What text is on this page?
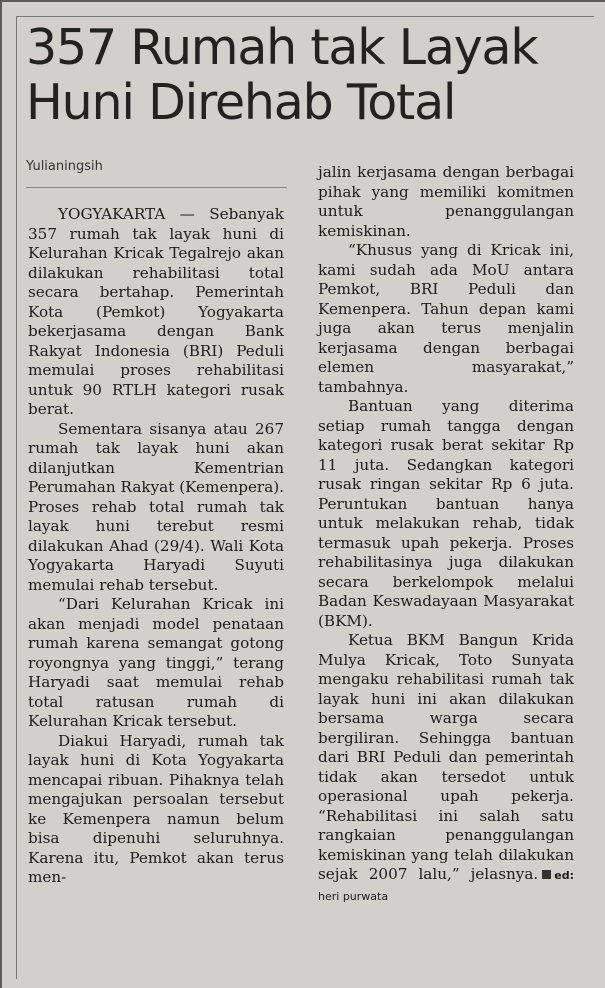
357 Rumah tak Layak
Huni Direhab Total

Yulianingsih

YOGYAKARTA — Sebanyak 357 rumah tak layak huni di Kelurahan Kricak Tegalrejo akan dilakukan rehabilitasi total secara bertahap. Pemerintah Kota (Pemkot) Yogyakarta bekerjasama dengan Bank Rakyat Indonesia (BRI) Peduli memulai proses rehabilitasi untuk 90 RTLH kategori rusak berat.

Sementara sisanya atau 267 rumah tak layak huni akan dilanjutkan Kementrian Perumahan Rakyat (Kemenpera). Proses rehab total rumah tak layak huni terebut resmi dilakukan Ahad (29/4). Wali Kota Yogyakarta Haryadi Suyuti memulai rehab tersebut.

“Dari Kelurahan Kricak ini akan menjadi model penataan rumah karena semangat gotong royongnya yang tinggi,” terang Haryadi saat memulai rehab total ratusan rumah di Kelurahan Kricak tersebut.

Diakui Haryadi, rumah tak layak huni di Kota Yogyakarta mencapai ribuan. Pihaknya telah mengajukan persoalan tersebut ke Kemenpera namun belum bisa dipenuhi seluruhnya. Karena itu, Pemkot akan terus men-

jalin kerjasama dengan berbagai pihak yang memiliki komitmen untuk penanggulangan kemiskinan.

“Khusus yang di Kricak ini, kami sudah ada MoU antara Pemkot, BRI Peduli dan Kemenpera. Tahun depan kami juga akan terus menjalin kerjasama dengan berbagai elemen masyarakat,” tambahnya.

Bantuan yang diterima setiap rumah tangga dengan kategori rusak berat sekitar Rp 11 juta. Sedangkan kategori rusak ringan sekitar Rp 6 juta. Peruntukan bantuan hanya untuk melakukan rehab, tidak termasuk upah pekerja. Proses rehabilitasinya juga dilakukan secara berkelompok melalui Badan Keswadayaan Masyarakat (BKM).

Ketua BKM Bangun Krida Mulya Kricak, Toto Sunyata mengaku rehabilitasi rumah tak layak huni ini akan dilakukan bersama warga secara bergiliran. Sehingga bantuan dari BRI Peduli dan pemerintah tidak akan tersedot untuk operasional upah pekerja. “Rehabilitasi ini salah satu rangkaian penanggulangan kemiskinan yang telah dilakukan sejak 2007 lalu,” jelasnya. ed: heri purwata
